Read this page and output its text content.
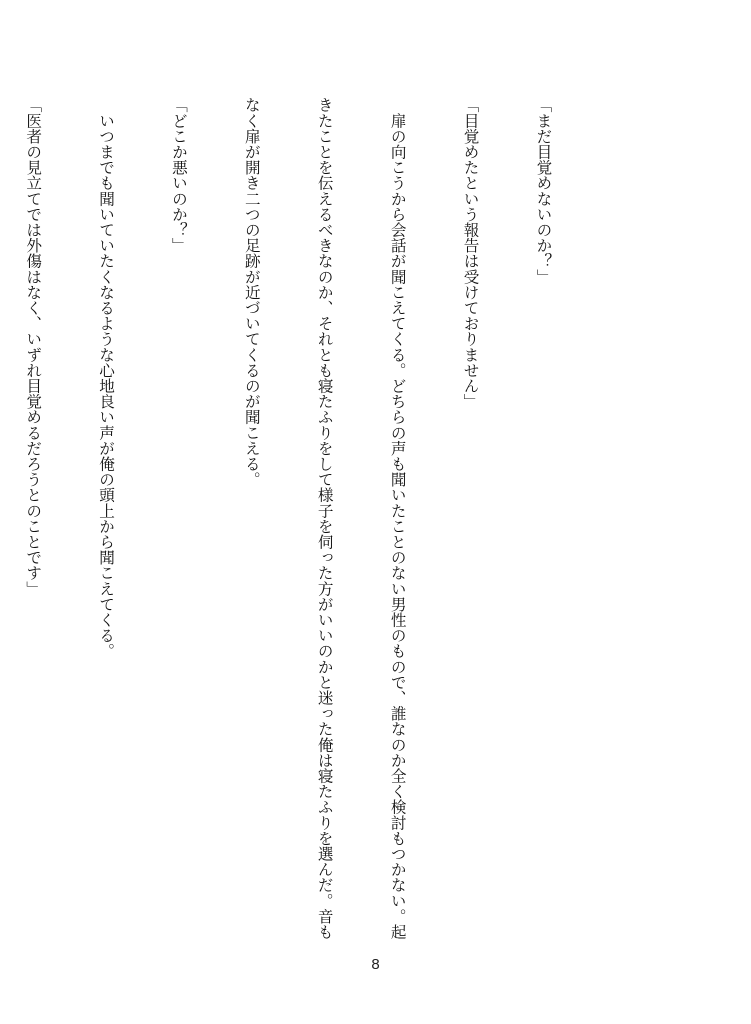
「まだ目覚めないのか？」

「目覚めたという報告は受けておりません」

　扉の向こうから会話が聞こえてくる。どちらの声も聞いたことのない男性のもので、誰なのか全く検討もつかない。起

きたことを伝えるべきなのか、それとも寝たふりをして様子を伺った方がいいのかと迷った俺は寝たふりを選んだ。音も

なく扉が開き二つの足跡が近づいてくるのが聞こえる。

「どこか悪いのか？」

　いつまでも聞いていたくなるような心地良い声が俺の頭上から聞こえてくる。

「医者の見立てでは外傷はなく、いずれ目覚めるだろうとのことです」

8
